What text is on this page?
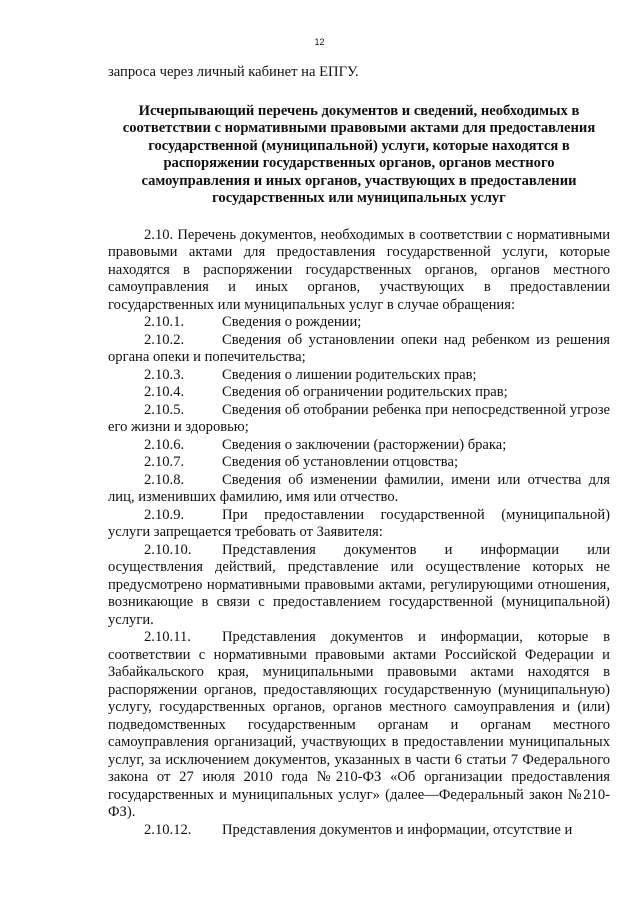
12

запроса через личный кабинет на ЕПГУ.

Исчерпывающий перечень документов и сведений, необходимых в соответствии с нормативными правовыми актами для предоставления государственной (муниципальной) услуги, которые находятся в распоряжении государственных органов, органов местного самоуправления и иных органов, участвующих в предоставлении государственных или муниципальных услуг

2.10. Перечень документов, необходимых в соответствии с нормативными правовыми актами для предоставления государственной услуги, которые находятся в распоряжении государственных органов, органов местного самоуправления и иных органов, участвующих в предоставлении государственных или муниципальных услуг в случае обращения:

2.10.1.	Сведения о рождении;

2.10.2.	Сведения об установлении опеки над ребенком из решения органа опеки и попечительства;

2.10.3.	Сведения о лишении родительских прав;

2.10.4.	Сведения об ограничении родительских прав;

2.10.5.	Сведения об отобрании ребенка при непосредственной угрозе его жизни и здоровью;

2.10.6.	Сведения о заключении (расторжении) брака;

2.10.7.	Сведения об установлении отцовства;

2.10.8.	Сведения об изменении фамилии, имени или отчества для лиц, изменивших фамилию, имя или отчество.

2.10.9.	При предоставлении государственной (муниципальной) услуги запрещается требовать от Заявителя:

2.10.10. Представления документов и информации или осуществления действий, представление или осуществление которых не предусмотрено нормативными правовыми актами, регулирующими отношения, возникающие в связи с предоставлением государственной (муниципальной) услуги.

2.10.11. Представления документов и информации, которые в соответствии с нормативными правовыми актами Российской Федерации и Забайкальского края, муниципальными правовыми актами находятся в распоряжении органов, предоставляющих государственную (муниципальную) услугу, государственных органов, органов местного самоуправления и (или) подведомственных государственным органам и органам местного самоуправления организаций, участвующих в предоставлении муниципальных услуг, за исключением документов, указанных в части 6 статьи 7 Федерального закона от 27 июля 2010 года №210-ФЗ «Об организации предоставления государственных и муниципальных услуг» (далее—Федеральный закон №210-ФЗ).

2.10.12. Представления документов и информации, отсутствие и
